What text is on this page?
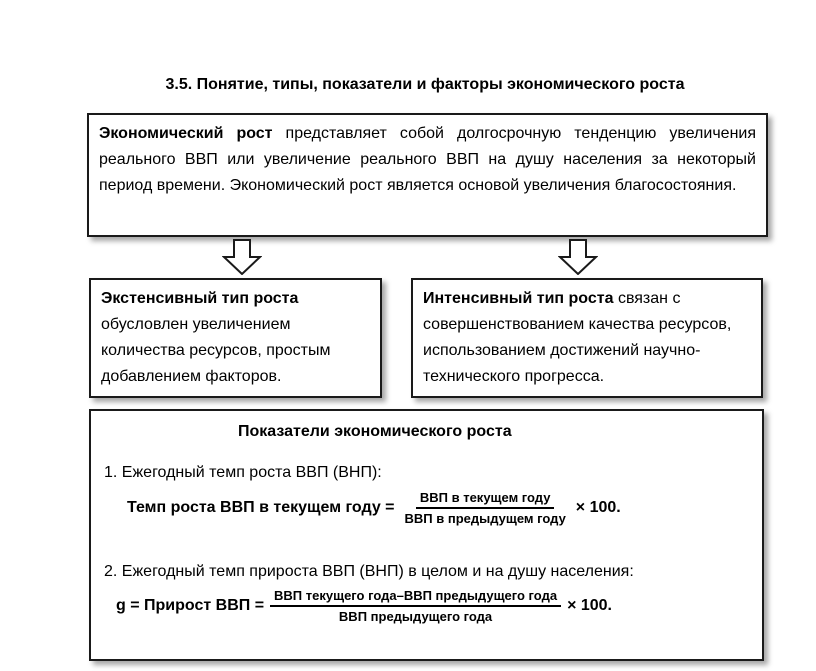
3.5. Понятие, типы, показатели и факторы экономического роста
Экономический рост представляет собой долгосрочную тенденцию увеличения реального ВВП или увеличение реального ВВП на душу населения за некоторый период времени. Экономический рост является основой увеличения благосостояния.
Экстенсивный тип роста обусловлен увеличением количества ресурсов, простым добавлением факторов.
Интенсивный тип роста связан с совершенствованием качества ресурсов, использованием достижений научно-технического прогресса.
Показатели экономического роста
1. Ежегодный темп роста ВВП (ВНП):
Темп роста ВВП в текущем году = $\frac{\text{ВВП в текущем году}}{\text{ВВП в предыдущем году}} \times 100$.
2. Ежегодный темп прироста ВВП (ВНП) в целом и на душу населения:
g = Прирост ВВП = $\frac{\text{ВВП текущего года–ВВП предыдущего года}}{\text{ВВП предыдущего года}} \times 100$.
